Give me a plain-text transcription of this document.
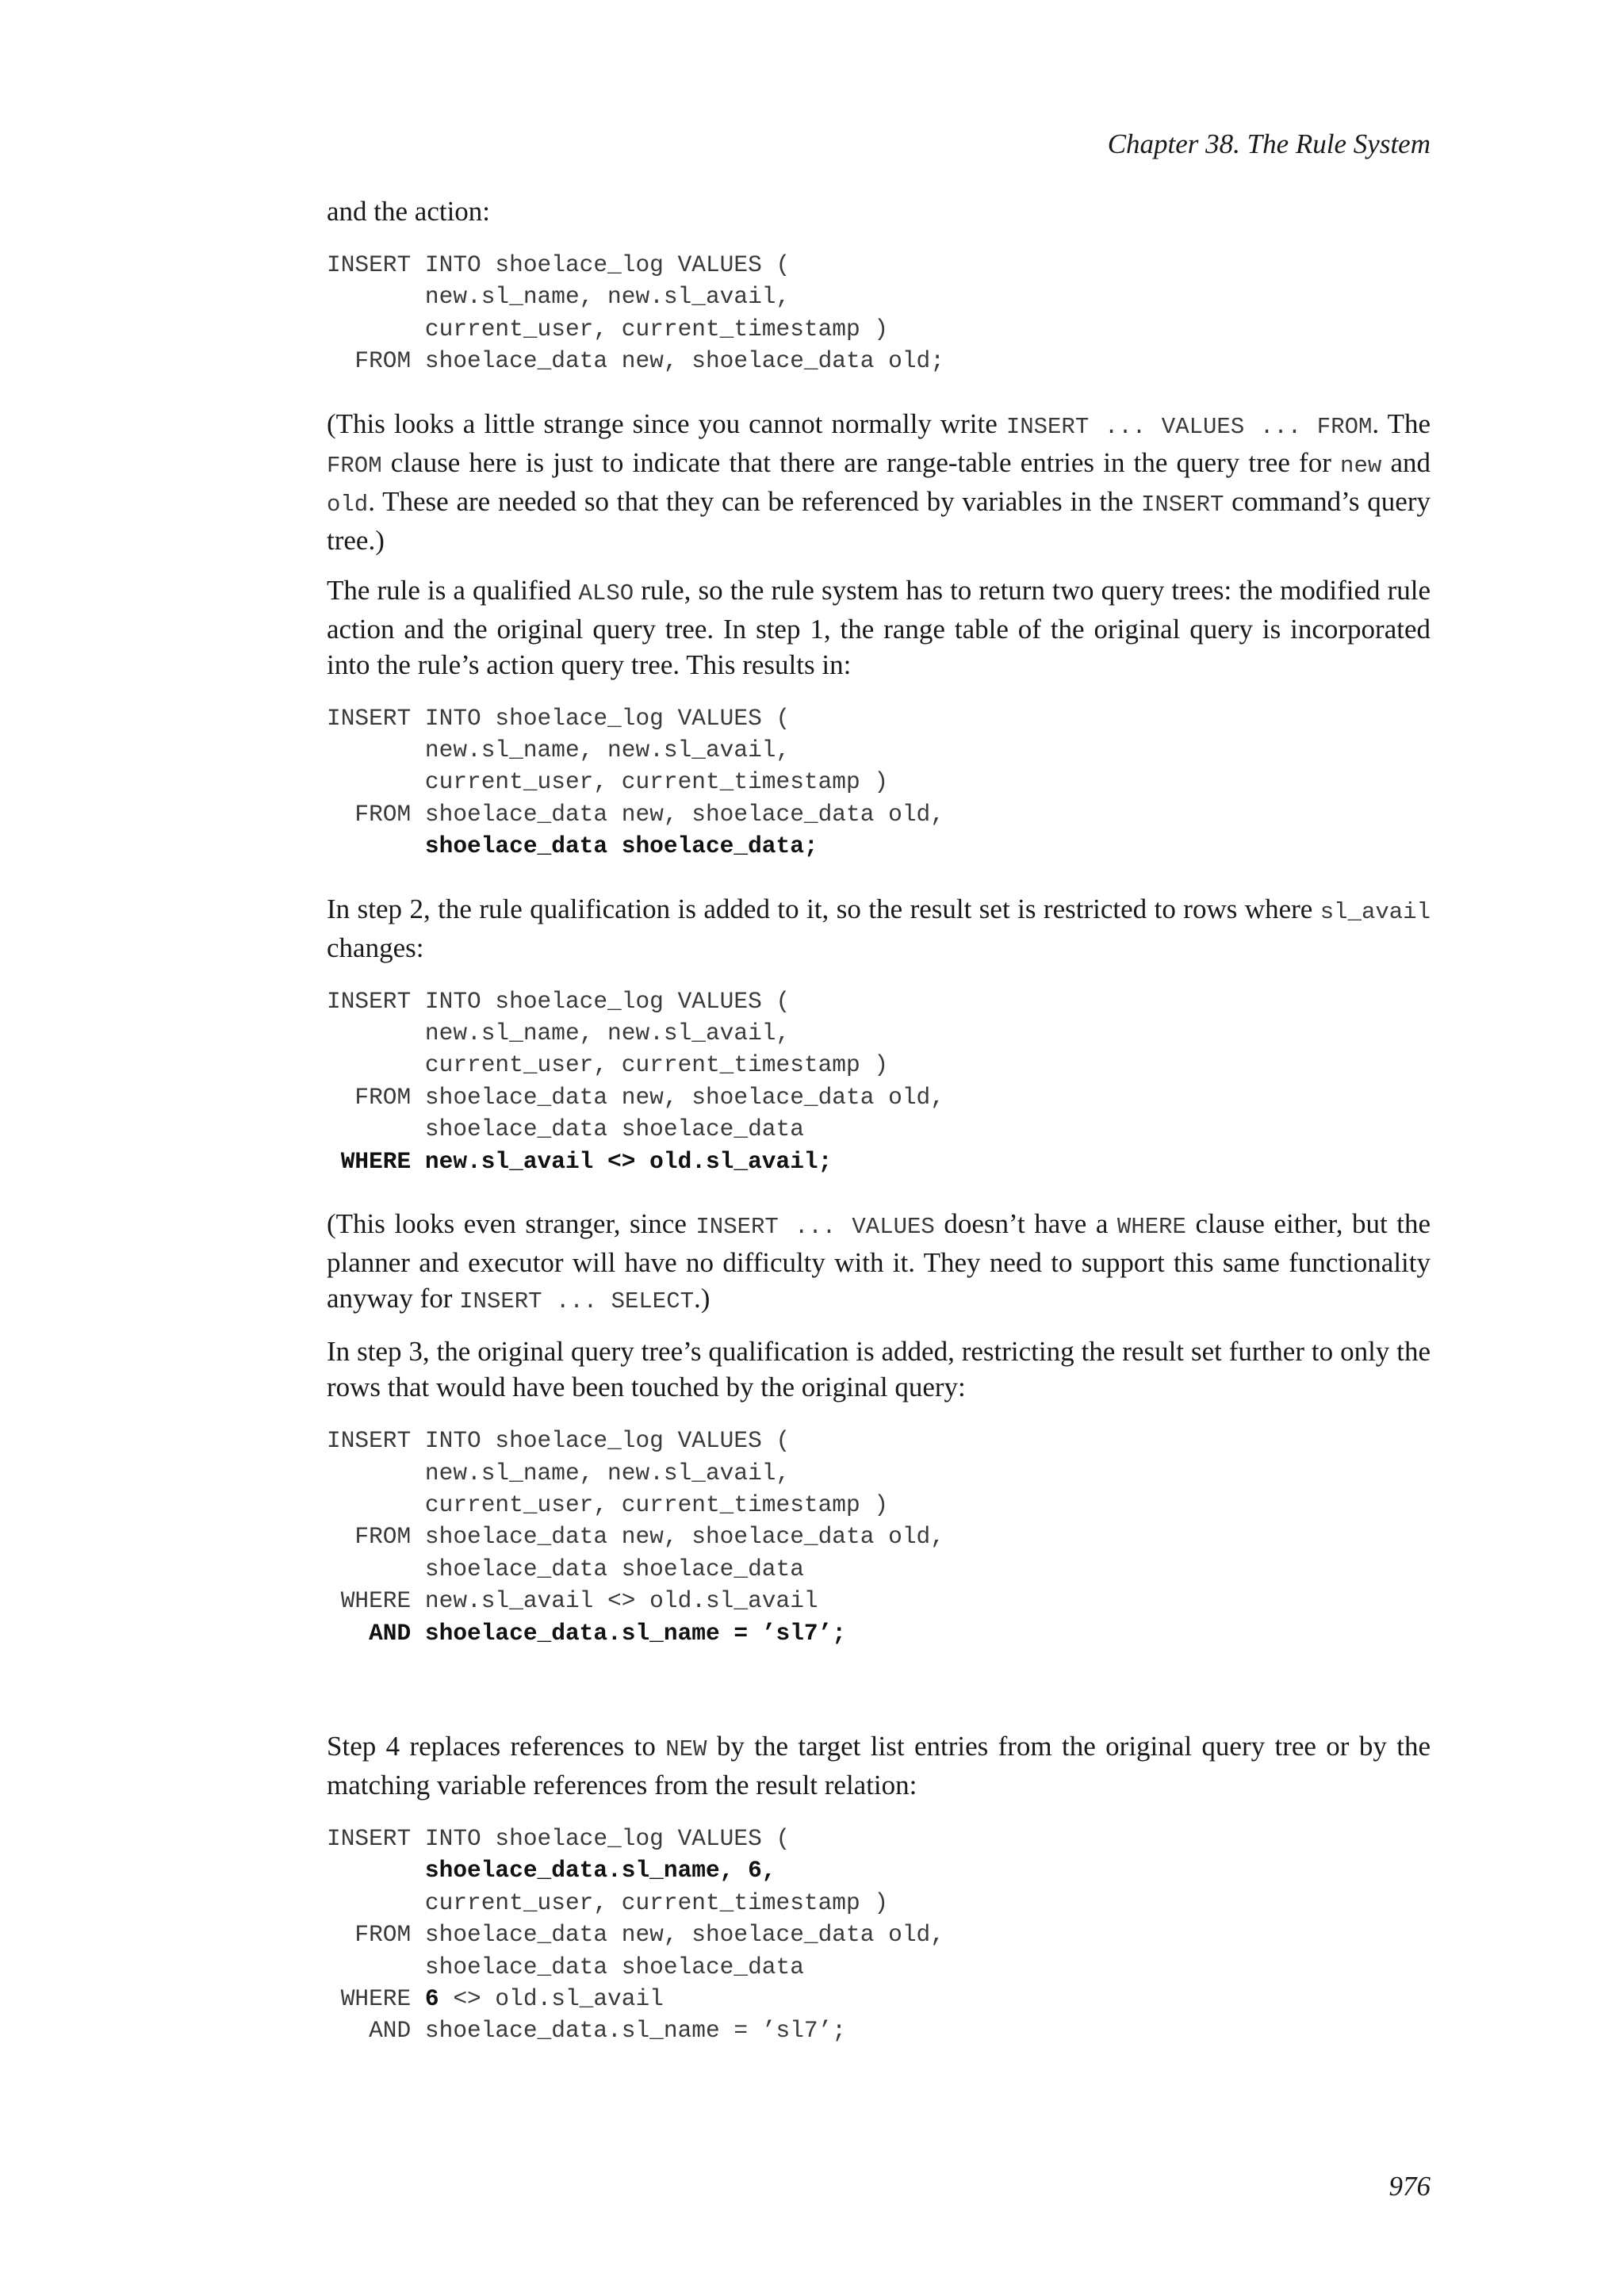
Chapter 38. The Rule System

and the action:

INSERT INTO shoelace_log VALUES (
new.sl_name, new.sl_avail,
current_user, current_timestamp )
FROM shoelace_data new, shoelace_data old;

(This looks a little strange since you cannot normally write INSERT ... VALUES ... FROM. The FROM clause here is just to indicate that there are range-table entries in the query tree for new and old. These are needed so that they can be referenced by variables in the INSERT command’s query tree.)

The rule is a qualified ALSO rule, so the rule system has to return two query trees: the modified rule action and the original query tree. In step 1, the range table of the original query is incorporated into the rule’s action query tree. This results in:

INSERT INTO shoelace_log VALUES (
new.sl_name, new.sl_avail,
current_user, current_timestamp )
FROM shoelace_data new, shoelace_data old,
shoelace_data shoelace_data;

In step 2, the rule qualification is added to it, so the result set is restricted to rows where sl_avail changes:

INSERT INTO shoelace_log VALUES (
new.sl_name, new.sl_avail,
current_user, current_timestamp )
FROM shoelace_data new, shoelace_data old,
shoelace_data shoelace_data
WHERE new.sl_avail <> old.sl_avail;

(This looks even stranger, since INSERT ... VALUES doesn’t have a WHERE clause either, but the planner and executor will have no difficulty with it. They need to support this same functionality anyway for INSERT ... SELECT.)

In step 3, the original query tree’s qualification is added, restricting the result set further to only the rows that would have been touched by the original query:

INSERT INTO shoelace_log VALUES (
new.sl_name, new.sl_avail,
current_user, current_timestamp )
FROM shoelace_data new, shoelace_data old,
shoelace_data shoelace_data
WHERE new.sl_avail <> old.sl_avail
AND shoelace_data.sl_name = ’sl7’;

Step 4 replaces references to NEW by the target list entries from the original query tree or by the matching variable references from the result relation:

INSERT INTO shoelace_log VALUES (
shoelace_data.sl_name, 6,
current_user, current_timestamp )
FROM shoelace_data new, shoelace_data old,
shoelace_data shoelace_data
WHERE 6 <> old.sl_avail
AND shoelace_data.sl_name = ’sl7’;
976
